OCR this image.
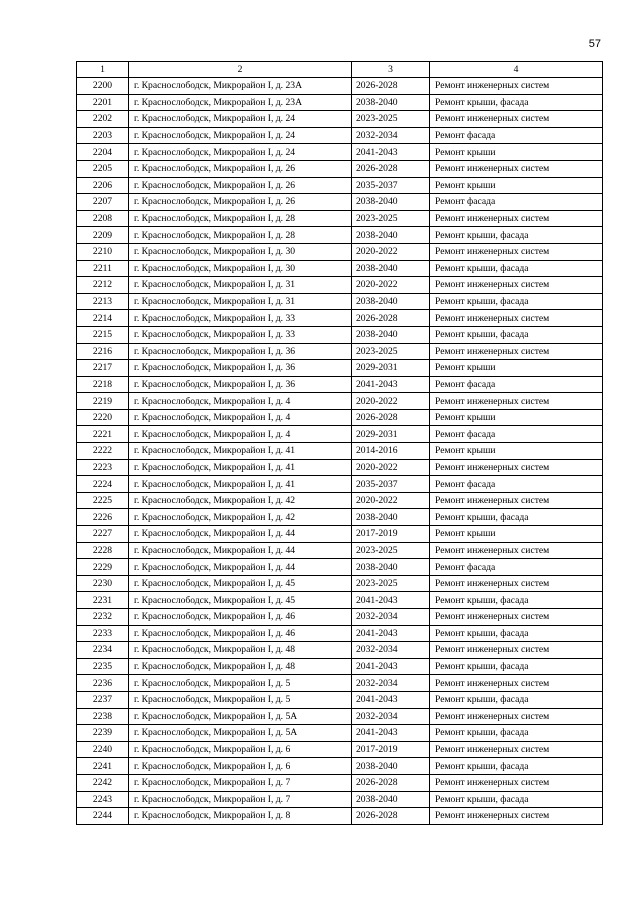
57
1	2	3	4
2200	г. Краснослободск, Микрорайон I, д. 23А	2026-2028	Ремонт инженерных систем
2201	г. Краснослободск, Микрорайон I, д. 23А	2038-2040	Ремонт крыши, фасада
2202	г. Краснослободск, Микрорайон I, д. 24	2023-2025	Ремонт инженерных систем
2203	г. Краснослободск, Микрорайон I, д. 24	2032-2034	Ремонт фасада
2204	г. Краснослободск, Микрорайон I, д. 24	2041-2043	Ремонт крыши
2205	г. Краснослободск, Микрорайон I, д. 26	2026-2028	Ремонт инженерных систем
2206	г. Краснослободск, Микрорайон I, д. 26	2035-2037	Ремонт крыши
2207	г. Краснослободск, Микрорайон I, д. 26	2038-2040	Ремонт фасада
2208	г. Краснослободск, Микрорайон I, д. 28	2023-2025	Ремонт инженерных систем
2209	г. Краснослободск, Микрорайон I, д. 28	2038-2040	Ремонт крыши, фасада
2210	г. Краснослободск, Микрорайон I, д. 30	2020-2022	Ремонт инженерных систем
2211	г. Краснослободск, Микрорайон I, д. 30	2038-2040	Ремонт крыши, фасада
2212	г. Краснослободск, Микрорайон I, д. 31	2020-2022	Ремонт инженерных систем
2213	г. Краснослободск, Микрорайон I, д. 31	2038-2040	Ремонт крыши, фасада
2214	г. Краснослободск, Микрорайон I, д. 33	2026-2028	Ремонт инженерных систем
2215	г. Краснослободск, Микрорайон I, д. 33	2038-2040	Ремонт крыши, фасада
2216	г. Краснослободск, Микрорайон I, д. 36	2023-2025	Ремонт инженерных систем
2217	г. Краснослободск, Микрорайон I, д. 36	2029-2031	Ремонт крыши
2218	г. Краснослободск, Микрорайон I, д. 36	2041-2043	Ремонт фасада
2219	г. Краснослободск, Микрорайон I, д. 4	2020-2022	Ремонт инженерных систем
2220	г. Краснослободск, Микрорайон I, д. 4	2026-2028	Ремонт крыши
2221	г. Краснослободск, Микрорайон I, д. 4	2029-2031	Ремонт фасада
2222	г. Краснослободск, Микрорайон I, д. 41	2014-2016	Ремонт крыши
2223	г. Краснослободск, Микрорайон I, д. 41	2020-2022	Ремонт инженерных систем
2224	г. Краснослободск, Микрорайон I, д. 41	2035-2037	Ремонт фасада
2225	г. Краснослободск, Микрорайон I, д. 42	2020-2022	Ремонт инженерных систем
2226	г. Краснослободск, Микрорайон I, д. 42	2038-2040	Ремонт крыши, фасада
2227	г. Краснослободск, Микрорайон I, д. 44	2017-2019	Ремонт крыши
2228	г. Краснослободск, Микрорайон I, д. 44	2023-2025	Ремонт инженерных систем
2229	г. Краснослободск, Микрорайон I, д. 44	2038-2040	Ремонт фасада
2230	г. Краснослободск, Микрорайон I, д. 45	2023-2025	Ремонт инженерных систем
2231	г. Краснослободск, Микрорайон I, д. 45	2041-2043	Ремонт крыши, фасада
2232	г. Краснослободск, Микрорайон I, д. 46	2032-2034	Ремонт инженерных систем
2233	г. Краснослободск, Микрорайон I, д. 46	2041-2043	Ремонт крыши, фасада
2234	г. Краснослободск, Микрорайон I, д. 48	2032-2034	Ремонт инженерных систем
2235	г. Краснослободск, Микрорайон I, д. 48	2041-2043	Ремонт крыши, фасада
2236	г. Краснослободск, Микрорайон I, д. 5	2032-2034	Ремонт инженерных систем
2237	г. Краснослободск, Микрорайон I, д. 5	2041-2043	Ремонт крыши, фасада
2238	г. Краснослободск, Микрорайон I, д. 5А	2032-2034	Ремонт инженерных систем
2239	г. Краснослободск, Микрорайон I, д. 5А	2041-2043	Ремонт крыши, фасада
2240	г. Краснослободск, Микрорайон I, д. 6	2017-2019	Ремонт инженерных систем
2241	г. Краснослободск, Микрорайон I, д. 6	2038-2040	Ремонт крыши, фасада
2242	г. Краснослободск, Микрорайон I, д. 7	2026-2028	Ремонт инженерных систем
2243	г. Краснослободск, Микрорайон I, д. 7	2038-2040	Ремонт крыши, фасада
2244	г. Краснослободск, Микрорайон I, д. 8	2026-2028	Ремонт инженерных систем
